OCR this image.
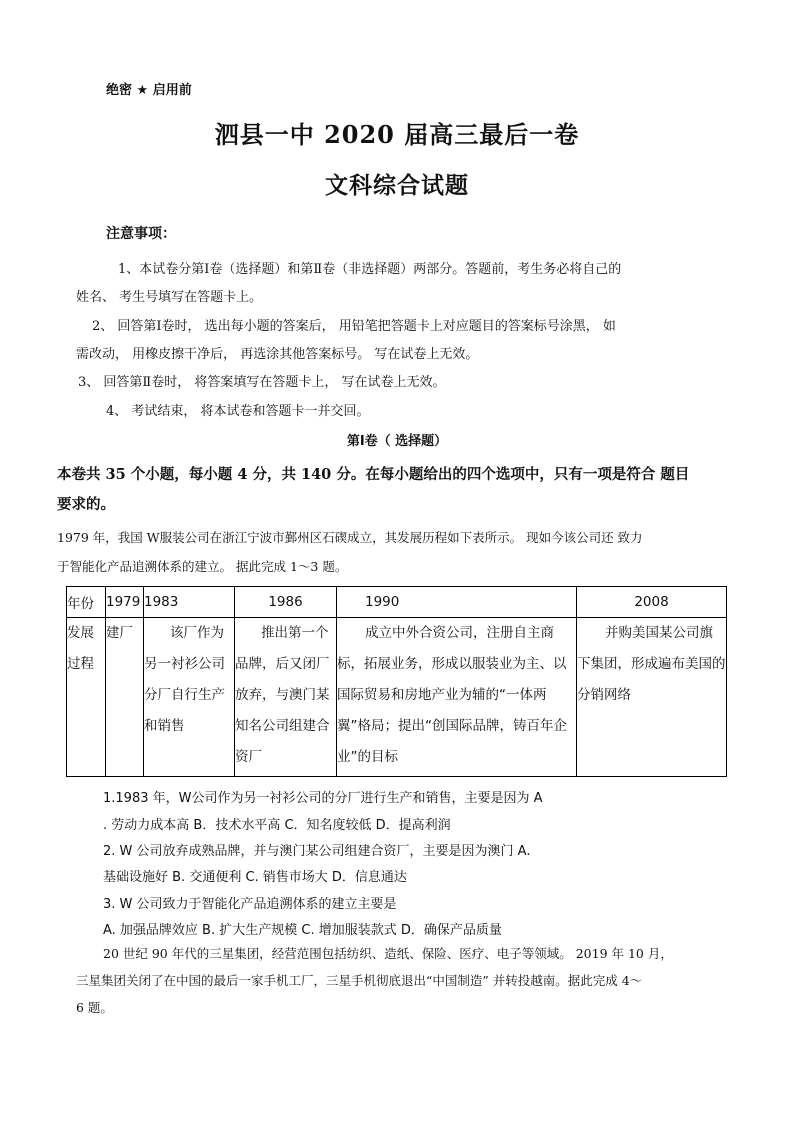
绝密 ★ 启用前
泗县一中 2020 届高三最后一卷
文科综合试题
注意事项：
1、本试卷分第Ⅰ卷（选择题）和第Ⅱ卷（非选择题）两部分。答题前，考生务必将自己的
姓名、 考生号填写在答题卡上。
2、 回答第Ⅰ卷时， 选出每小题的答案后， 用铅笔把答题卡上对应题目的答案标号涂黑， 如
需改动， 用橡皮擦干净后， 再选涂其他答案标号。 写在试卷上无效。
3、 回答第Ⅱ卷时， 将答案填写在答题卡上， 写在试卷上无效。
4、 考试结束， 将本试卷和答题卡一并交回。
第Ⅰ卷（ 选择题）
本卷共 35 个小题，每小题 4 分，共 140 分。在每小题给出的四个选项中，只有一项是符合 题目
要求的。
1979 年，我国 W服装公司在浙江宁波市鄞州区石碶成立，其发展历程如下表所示。 现如今该公司还 致力
于智能化产品追溯体系的建立。 据此完成 1～3 题。
年份	1979	1983	1986	1990	2008

发展过程	建厂	该厂作为另一衬衫公司分厂自行生产和销售	推出第一个品牌，后又闭厂放弃，与澳门某知名公司组建合资厂	成立中外合资公司，注册自主商标，拓展业务，形成以服装业为主、以国际贸易和房地产业为辅的“一体两翼”格局；提出“创国际品牌，铸百年企业”的目标	并购美国某公司旗下集团，形成遍布美国的分销网络
1.1983 年，W公司作为另一衬衫公司的分厂进行生产和销售，主要是因为 A
. 劳动力成本高 B．技术水平高 C．知名度较低 D．提高利润
2. W 公司放弃成熟品牌，并与澳门某公司组建合资厂，主要是因为澳门 A.
基础设施好 B. 交通便利 C. 销售市场大 D．信息通达
3. W 公司致力于智能化产品追溯体系的建立主要是
A. 加强品牌效应 B. 扩大生产规模 C. 增加服装款式 D．确保产品质量
20 世纪 90 年代的三星集团，经营范围包括纺织、造纸、保险、医疗、电子等领域。 2019 年 10 月，
三星集团关闭了在中国的最后一家手机工厂，三星手机彻底退出“中国制造” 并转投越南。据此完成 4～
6 题。
